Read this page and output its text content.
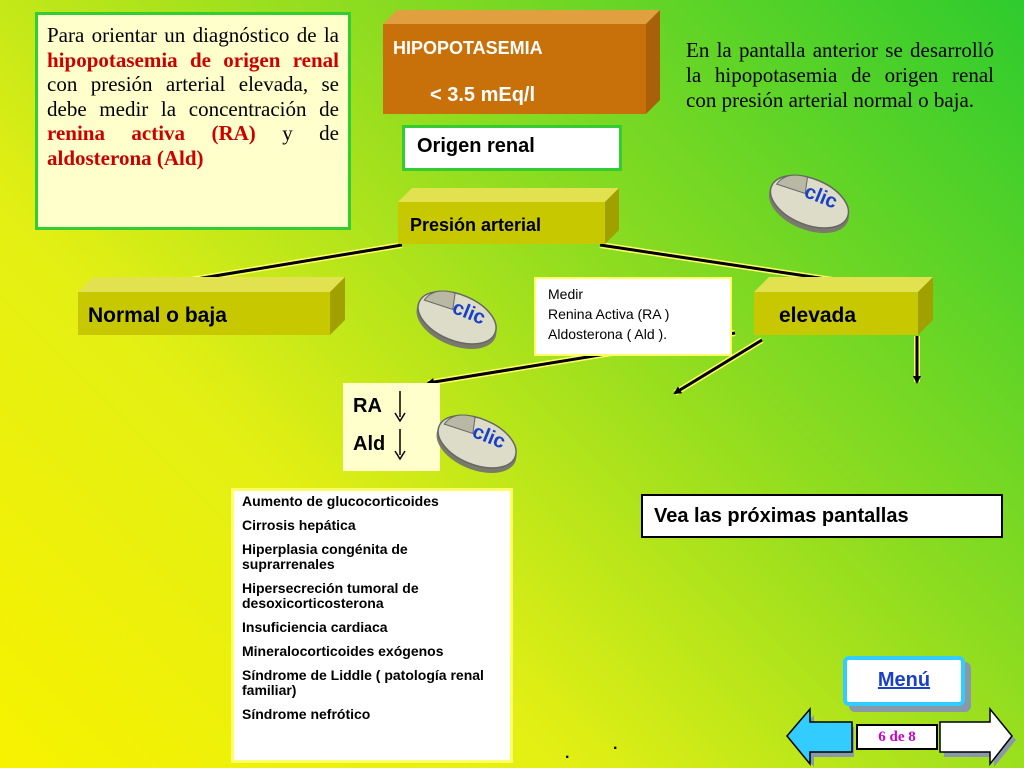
Para orientar un diagnóstico de la hipopotasemia de origen renal con presión arterial elevada, se debe medir la concentración de renina activa (RA) y de aldosterona (Ald)
HIPOPOTASEMIA
< 3.5 mEq/l
Origen renal
En la pantalla anterior se desarrolló la hipopotasemia de origen renal con presión arterial normal o baja.
Presión arterial
Normal o baja	elevada
Medir
Renina Activa (RA )
Aldosterona ( Ald ).
RA
Ald
clic
clic
clic
Aumento de glucocorticoides
Cirrosis hepática
Hiperplasia congénita de suprarrenales
Hipersecreción tumoral de desoxicorticosterona
Insuficiencia cardiaca
Mineralocorticoides exógenos
Síndrome de Liddle ( patología renal familiar)
Síndrome nefrótico
Vea las próximas pantallas
Menú
6 de 8
.
.
